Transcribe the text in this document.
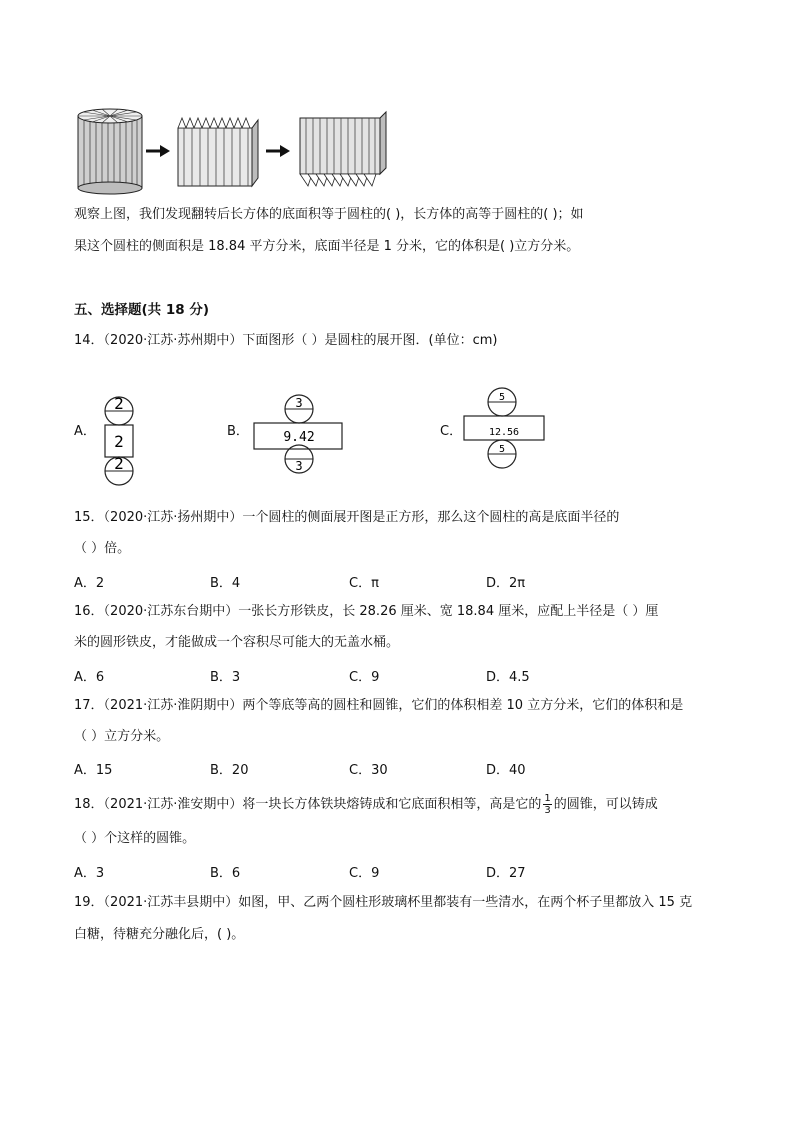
观察上图，我们发现翻转后长方体的底面积等于圆柱的( )，长方体的高等于圆柱的( )；如
果这个圆柱的侧面积是 18.84 平方分米，底面半径是 1 分米，它的体积是( )立方分米。
五、选择题(共 18 分)
14．（2020·江苏·苏州期中）下面图形（ ）是圆柱的展开图．(单位：cm)
A．
2
2
2
B．
3
9.42
3
C．
5
12.56
5
15．（2020·江苏·扬州期中）一个圆柱的侧面展开图是正方形，那么这个圆柱的高是底面半径的
（ ）倍。
A．2	B．4	C．π	D．2π
16．（2020·江苏东台期中）一张长方形铁皮，长 28.26 厘米、宽 18.84 厘米，应配上半径是（ ）厘
米的圆形铁皮，才能做成一个容积尽可能大的无盖水桶。
A．6	B．3	C．9	D．4.5
17．（2021·江苏·淮阴期中）两个等底等高的圆柱和圆锥，它们的体积相差 10 立方分米，它们的体积和是
（ ）立方分米。
A．15	B．20	C．30	D．40
18．（2021·江苏·淮安期中）将一块长方体铁块熔铸成和它底面积相等，高是它的 $\frac{1}{3}$ 的圆锥，可以铸成
（ ）个这样的圆锥。
A．3	B．6	C．9	D．27
19．（2021·江苏丰县期中）如图，甲、乙两个圆柱形玻璃杯里都装有一些清水，在两个杯子里都放入 15 克
白糖，待糖充分融化后，( )。
